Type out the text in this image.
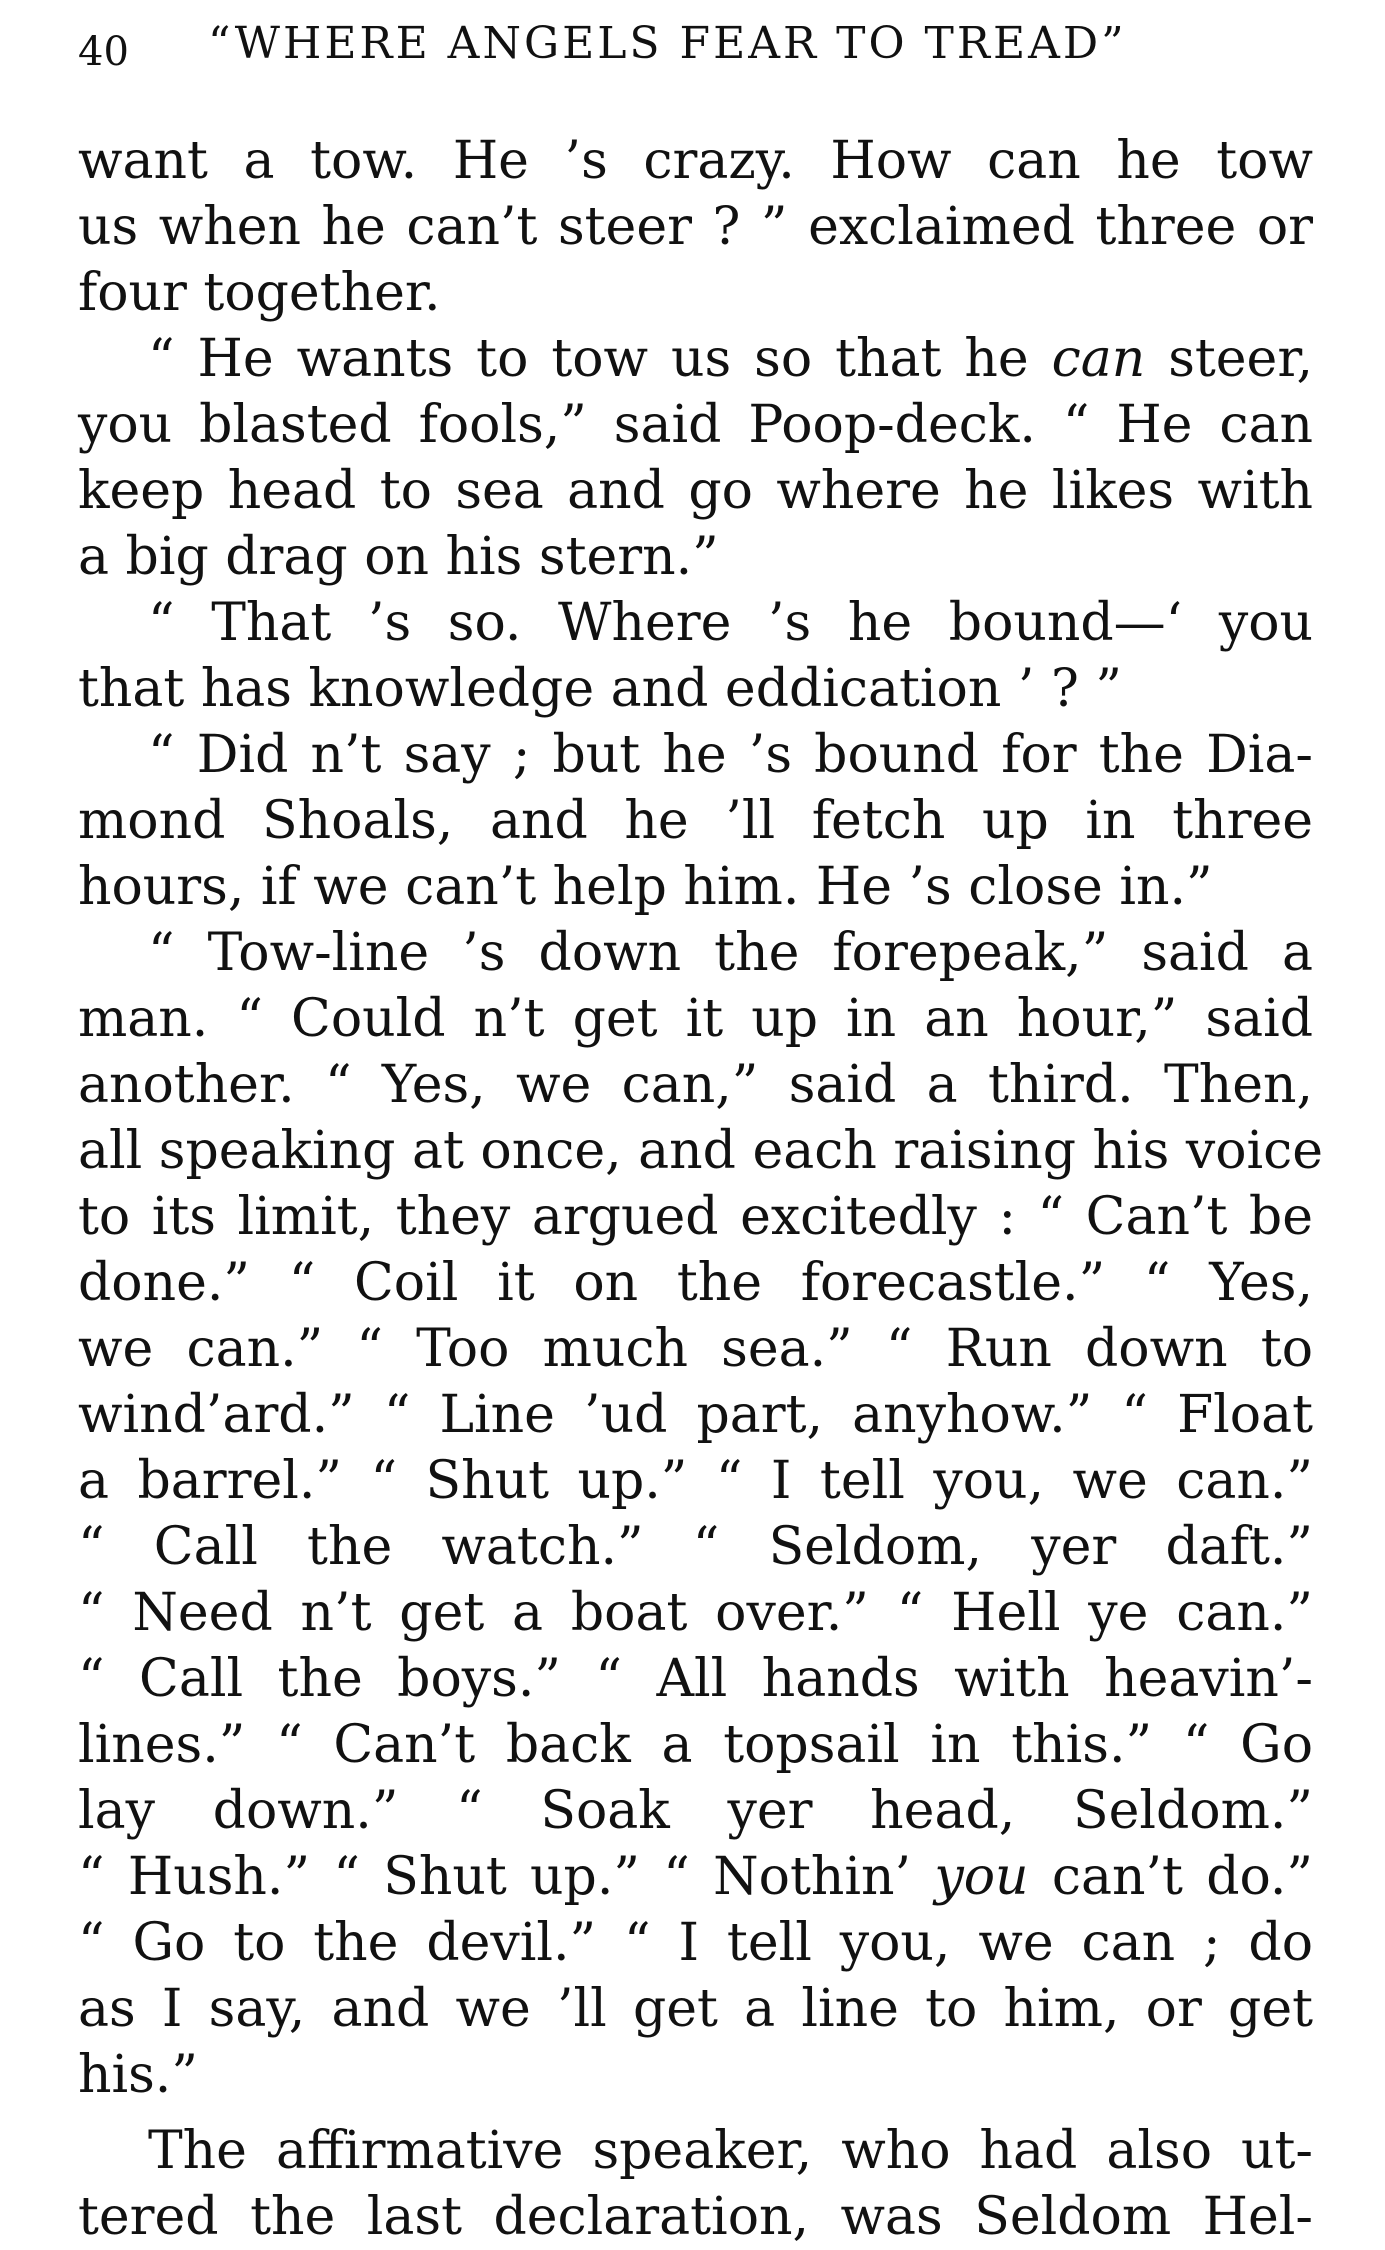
40 “WHERE ANGELS FEAR TO TREAD”
want a tow. He ’s crazy. How can he tow
us when he can’t steer ? ” exclaimed three or
four together.
“ He wants to tow us so that he can steer,
you blasted fools,” said Poop-deck. “ He can
keep head to sea and go where he likes with
a big drag on his stern.”
“ That ’s so. Where ’s he bound—‘ you
that has knowledge and eddication ’ ? ”
“ Did n’t say ; but he ’s bound for the Dia-
mond Shoals, and he ’ll fetch up in three
hours, if we can’t help him. He ’s close in.”
“ Tow-line ’s down the forepeak,” said a
man. “ Could n’t get it up in an hour,” said
another. “ Yes, we can,” said a third. Then,
all speaking at once, and each raising his voice
to its limit, they argued excitedly : “ Can’t be
done.” “ Coil it on the forecastle.” “ Yes,
we can.” “ Too much sea.” “ Run down to
wind’ard.” “ Line ’ud part, anyhow.” “ Float
a barrel.” “ Shut up.” “ I tell you, we can.”
“ Call the watch.” “ Seldom, yer daft.”
“ Need n’t get a boat over.” “ Hell ye can.”
“ Call the boys.” “ All hands with heavin’-
lines.” “ Can’t back a topsail in this.” “ Go
lay down.” “ Soak yer head, Seldom.”
“ Hush.” “ Shut up.” “ Nothin’ you can’t do.”
“ Go to the devil.” “ I tell you, we can ; do
as I say, and we ’ll get a line to him, or get
his.”
The affirmative speaker, who had also ut-
tered the last declaration, was Seldom Hel-
